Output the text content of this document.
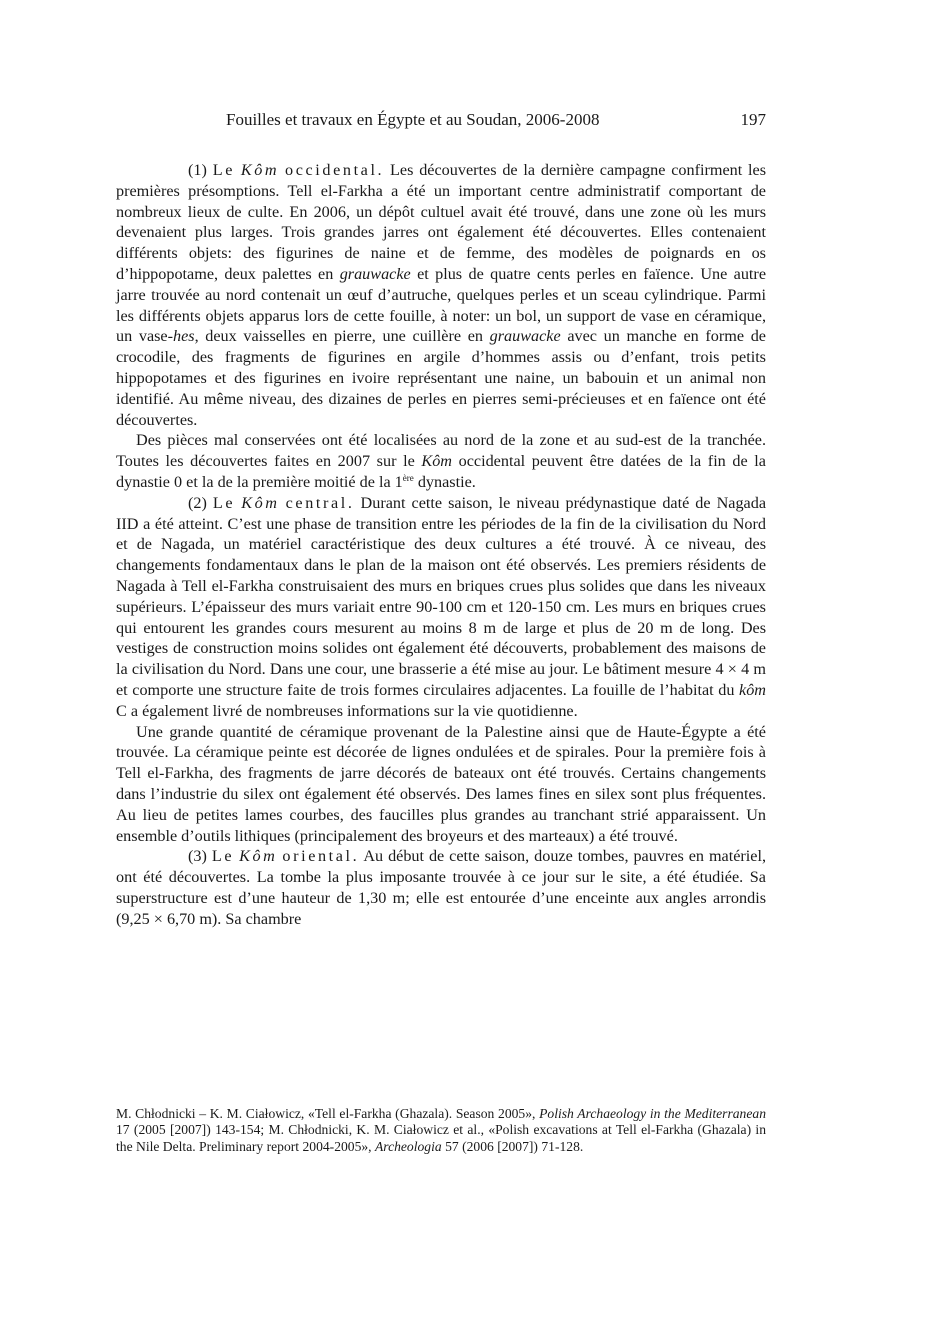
Fouilles et travaux en Égypte et au Soudan, 2006-2008	197

(1) Le Kôm occidental. Les découvertes de la dernière campagne confirment les premières présomptions. Tell el-Farkha a été un important centre administratif comportant de nombreux lieux de culte. En 2006, un dépôt cultuel avait été trouvé, dans une zone où les murs devenaient plus larges. Trois grandes jarres ont également été découvertes. Elles contenaient différents objets: des figurines de naine et de femme, des modèles de poignards en os d’hippopotame, deux palettes en grauwacke et plus de quatre cents perles en faïence. Une autre jarre trouvée au nord contenait un œuf d’autruche, quelques perles et un sceau cylindrique. Parmi les différents objets apparus lors de cette fouille, à noter: un bol, un support de vase en céramique, un vase-hes, deux vaisselles en pierre, une cuillère en grauwacke avec un manche en forme de crocodile, des fragments de figurines en argile d’hommes assis ou d’enfant, trois petits hippopotames et des figurines en ivoire représentant une naine, un babouin et un animal non identifié. Au même niveau, des dizaines de perles en pierres semi-précieuses et en faïence ont été découvertes.

Des pièces mal conservées ont été localisées au nord de la zone et au sud-est de la tranchée. Toutes les découvertes faites en 2007 sur le Kôm occidental peuvent être datées de la fin de la dynastie 0 et la de la première moitié de la 1ère dynastie.

(2) Le Kôm central. Durant cette saison, le niveau prédynastique daté de Nagada IID a été atteint. C’est une phase de transition entre les périodes de la fin de la civilisation du Nord et de Nagada, un matériel caractéristique des deux cultures a été trouvé. À ce niveau, des changements fondamentaux dans le plan de la maison ont été observés. Les premiers résidents de Nagada à Tell el-Farkha construisaient des murs en briques crues plus solides que dans les niveaux supérieurs. L’épaisseur des murs variait entre 90-100 cm et 120-150 cm. Les murs en briques crues qui entourent les grandes cours mesurent au moins 8 m de large et plus de 20 m de long. Des vestiges de construction moins solides ont également été découverts, probablement des maisons de la civilisation du Nord. Dans une cour, une brasserie a été mise au jour. Le bâtiment mesure 4 × 4 m et comporte une structure faite de trois formes circulaires adjacentes. La fouille de l’habitat du kôm C a également livré de nombreuses informations sur la vie quotidienne.

Une grande quantité de céramique provenant de la Palestine ainsi que de Haute-Égypte a été trouvée. La céramique peinte est décorée de lignes ondulées et de spirales. Pour la première fois à Tell el-Farkha, des fragments de jarre décorés de bateaux ont été trouvés. Certains changements dans l’industrie du silex ont également été observés. Des lames fines en silex sont plus fréquentes. Au lieu de petites lames courbes, des faucilles plus grandes au tranchant strié apparaissent. Un ensemble d’outils lithiques (principalement des broyeurs et des marteaux) a été trouvé.

(3) Le Kôm oriental. Au début de cette saison, douze tombes, pauvres en matériel, ont été découvertes. La tombe la plus imposante trouvée à ce jour sur le site, a été étudiée. Sa superstructure est d’une hauteur de 1,30 m; elle est entourée d’une enceinte aux angles arrondis (9,25 × 6,70 m). Sa chambre

M. Chłodnicki – K. M. Ciałowicz, «Tell el-Farkha (Ghazala). Season 2005», Polish Archaeology in the Mediterranean 17 (2005 [2007]) 143-154; M. Chłodnicki, K. M. Ciałowicz et al., «Polish excavations at Tell el-Farkha (Ghazala) in the Nile Delta. Preliminary report 2004-2005», Archeologia 57 (2006 [2007]) 71-128.
